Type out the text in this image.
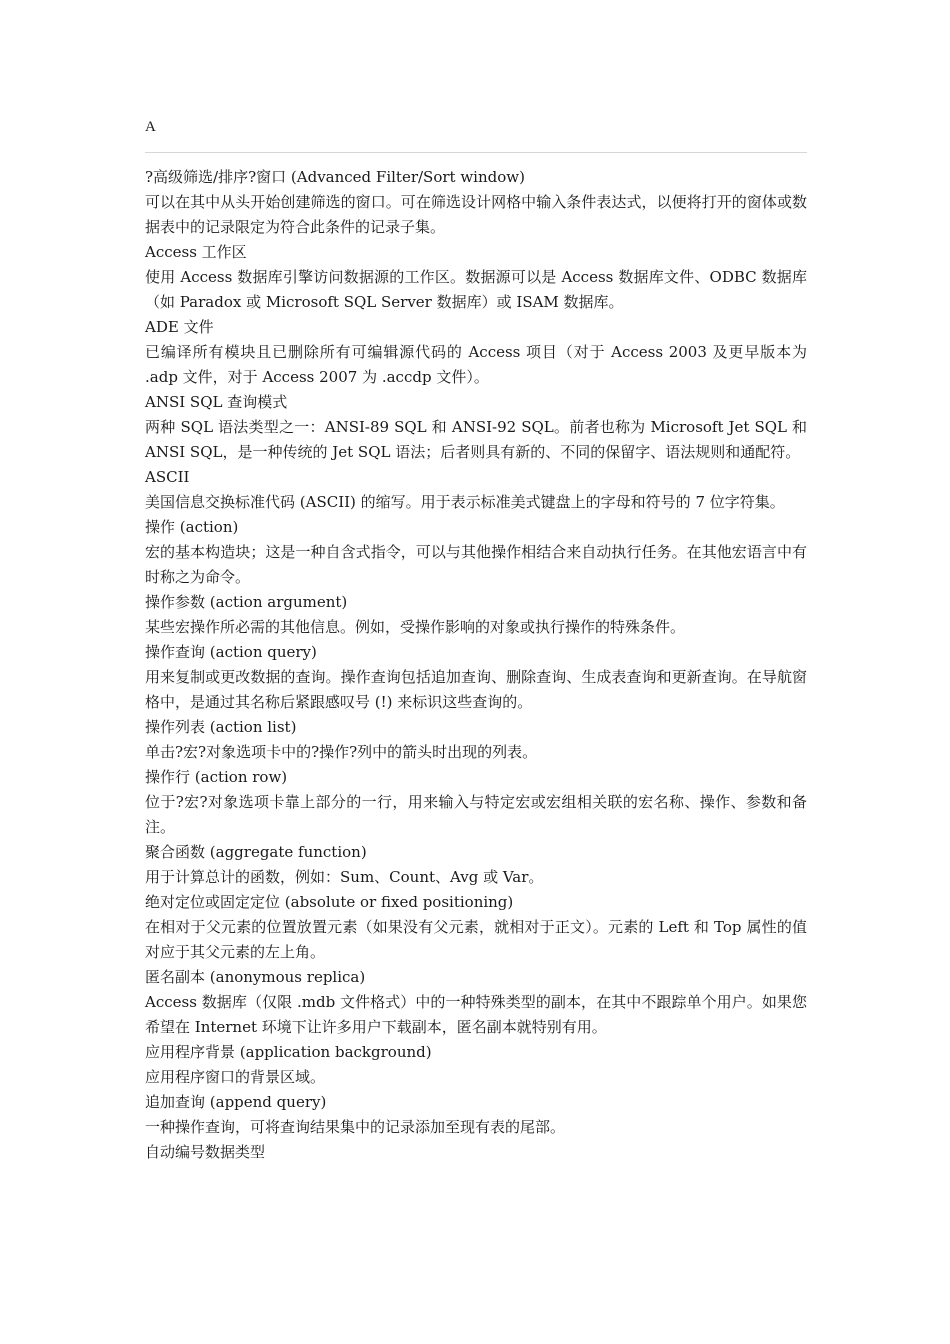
A

?高级筛选/排序?窗口 (Advanced Filter/Sort window)

可以在其中从头开始创建筛选的窗口。可在筛选设计网格中输入条件表达式，以便将打开的窗体或数据表中的记录限定为符合此条件的记录子集。

Access 工作区

使用 Access 数据库引擎访问数据源的工作区。数据源可以是 Access 数据库文件、ODBC 数据库（如 Paradox 或 Microsoft SQL Server 数据库）或 ISAM 数据库。

ADE 文件

已编译所有模块且已删除所有可编辑源代码的 Access 项目（对于 Access 2003 及更早版本为 .adp 文件，对于 Access 2007 为 .accdp 文件）。

ANSI SQL 查询模式

两种 SQL 语法类型之一：ANSI-89 SQL 和 ANSI-92 SQL。前者也称为 Microsoft Jet SQL 和 ANSI SQL，是一种传统的 Jet SQL 语法；后者则具有新的、不同的保留字、语法规则和通配符。

ASCII

美国信息交换标准代码 (ASCII) 的缩写。用于表示标准美式键盘上的字母和符号的 7 位字符集。

操作 (action)

宏的基本构造块；这是一种自含式指令，可以与其他操作相结合来自动执行任务。在其他宏语言中有时称之为命令。

操作参数 (action argument)

某些宏操作所必需的其他信息。例如，受操作影响的对象或执行操作的特殊条件。

操作查询 (action query)

用来复制或更改数据的查询。操作查询包括追加查询、删除查询、生成表查询和更新查询。在导航窗格中，是通过其名称后紧跟感叹号 (!) 来标识这些查询的。

操作列表 (action list)

单击?宏?对象选项卡中的?操作?列中的箭头时出现的列表。

操作行 (action row)

位于?宏?对象选项卡靠上部分的一行，用来输入与特定宏或宏组相关联的宏名称、操作、参数和备注。

聚合函数 (aggregate function)

用于计算总计的函数，例如：Sum、Count、Avg 或 Var。

绝对定位或固定定位 (absolute or fixed positioning)

在相对于父元素的位置放置元素（如果没有父元素，就相对于正文）。元素的 Left 和 Top 属性的值对应于其父元素的左上角。

匿名副本 (anonymous replica)

Access 数据库（仅限 .mdb 文件格式）中的一种特殊类型的副本，在其中不跟踪单个用户。如果您希望在 Internet 环境下让许多用户下载副本，匿名副本就特别有用。

应用程序背景 (application background)

应用程序窗口的背景区域。

追加查询 (append query)

一种操作查询，可将查询结果集中的记录添加至现有表的尾部。

自动编号数据类型
